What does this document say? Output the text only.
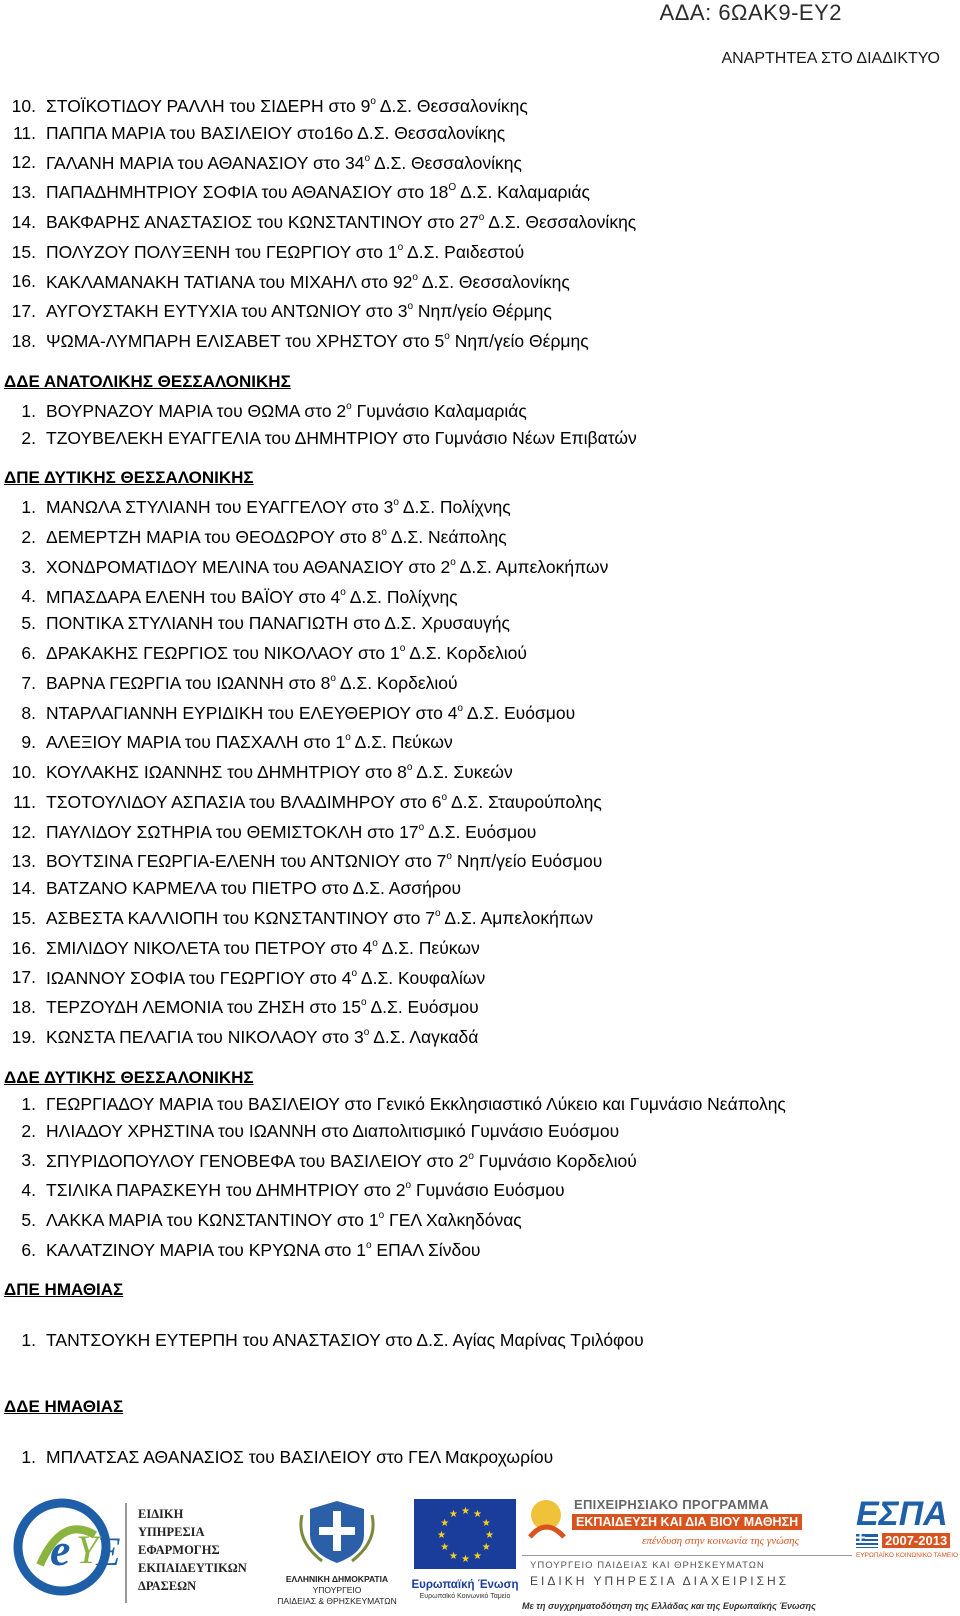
ΑΔΑ: 6ΩΑΚ9-ΕΥ2
ΑΝΑΡΤΗΤΕΑ ΣΤΟ ΔΙΑΔΙΚΤΥΟ
10. ΣΤΟΪΚΟΤΙΔΟΥ ΡΑΛΛΗ του ΣΙΔΕΡΗ στο $9^o$ Δ.Σ. Θεσσαλονίκης
11. ΠΑΠΠΑ ΜΑΡΙΑ του ΒΑΣΙΛΕΙΟΥ στο16ο Δ.Σ. Θεσσαλονίκης
12. ΓΑΛΑΝΗ ΜΑΡΙΑ του ΑΘΑΝΑΣΙΟΥ στο $34^o$ Δ.Σ. Θεσσαλονίκης
13. ΠΑΠΑΔΗΜΗΤΡΙΟΥ ΣΟΦΙΑ του ΑΘΑΝΑΣΙΟΥ στο $18^O$ Δ.Σ. Καλαμαριάς
14. ΒΑΚΦΑΡΗΣ ΑΝΑΣΤΑΣΙΟΣ του ΚΩΝΣΤΑΝΤΙΝΟΥ στο $27^o$ Δ.Σ. Θεσσαλονίκης
15. ΠΟΛΥΖΟΥ ΠΟΛΥΞΕΝΗ του ΓΕΩΡΓΙΟΥ στο $1^o$ Δ.Σ. Ραιδεστού
16. ΚΑΚΛΑΜΑΝΑΚΗ ΤΑΤΙΑΝΑ του ΜΙΧΑΗΛ στο $92^o$ Δ.Σ. Θεσσαλονίκης
17. ΑΥΓΟΥΣΤΑΚΗ ΕΥΤΥΧΙΑ του ΑΝΤΩΝΙΟΥ στο $3^o$ Νηπ/γείο Θέρμης
18. ΨΩΜΑ-ΛΥΜΠΑΡΗ ΕΛΙΣΑΒΕΤ του ΧΡΗΣΤΟΥ στο $5^o$ Νηπ/γείο Θέρμης
ΔΔΕ ΑΝΑΤΟΛΙΚΗΣ ΘΕΣΣΑΛΟΝΙΚΗΣ
1. ΒΟΥΡΝΑΖΟΥ ΜΑΡΙΑ του ΘΩΜΑ στο $2^o$ Γυμνάσιο Καλαμαριάς
2. ΤΖΟΥΒΕΛΕΚΗ ΕΥΑΓΓΕΛΙΑ του ΔΗΜΗΤΡΙΟΥ στο Γυμνάσιο Νέων Επιβατών
ΔΠΕ ΔΥΤΙΚΗΣ ΘΕΣΣΑΛΟΝΙΚΗΣ
1. ΜΑΝΩΛΑ ΣΤΥΛΙΑΝΗ του ΕΥΑΓΓΕΛΟΥ στο $3^o$ Δ.Σ. Πολίχνης
2. ΔΕΜΕΡΤΖΗ ΜΑΡΙΑ του ΘΕΟΔΩΡΟΥ στο $8^o$ Δ.Σ. Νεάπολης
3. ΧΟΝΔΡΟΜΑΤΙΔΟΥ ΜΕΛΙΝΑ του ΑΘΑΝΑΣΙΟΥ στο $2^o$ Δ.Σ. Αμπελοκήπων
4. ΜΠΑΣΔΑΡΑ ΕΛΕΝΗ του ΒΑΪΟΥ στο $4^o$ Δ.Σ. Πολίχνης
5. ΠΟΝΤΙΚΑ ΣΤΥΛΙΑΝΗ του ΠΑΝΑΓΙΩΤΗ στο Δ.Σ. Χρυσαυγής
6. ΔΡΑΚΑΚΗΣ ΓΕΩΡΓΙΟΣ του ΝΙΚΟΛΑΟΥ στο $1^o$ Δ.Σ. Κορδελιού
7. ΒΑΡΝΑ ΓΕΩΡΓΙΑ του ΙΩΑΝΝΗ στο $8^o$ Δ.Σ. Κορδελιού
8. ΝΤΑΡΛΑΓΙΑΝΝΗ ΕΥΡΙΔΙΚΗ του ΕΛΕΥΘΕΡΙΟΥ στο $4^o$ Δ.Σ. Ευόσμου
9. ΑΛΕΞΙΟΥ ΜΑΡΙΑ του ΠΑΣΧΑΛΗ στο $1^o$ Δ.Σ. Πεύκων
10. ΚΟΥΛΑΚΗΣ ΙΩΑΝΝΗΣ του ΔΗΜΗΤΡΙΟΥ στο $8^o$ Δ.Σ. Συκεών
11. ΤΣΟΤΟΥΛΙΔΟΥ ΑΣΠΑΣΙΑ του ΒΛΑΔΙΜΗΡΟΥ στο $6^o$ Δ.Σ. Σταυρούπολης
12. ΠΑΥΛΙΔΟΥ ΣΩΤΗΡΙΑ του ΘΕΜΙΣΤΟΚΛΗ στο $17^o$ Δ.Σ. Ευόσμου
13. ΒΟΥΤΣΙΝΑ ΓΕΩΡΓΙΑ-ΕΛΕΝΗ του ΑΝΤΩΝΙΟΥ στο $7^o$ Νηπ/γείο Ευόσμου
14. ΒΑΤΖΑΝΟ ΚΑΡΜΕΛΑ του ΠΙΕΤΡΟ στο Δ.Σ. Ασσήρου
15. ΑΣΒΕΣΤΑ ΚΑΛΛΙΟΠΗ του ΚΩΝΣΤΑΝΤΙΝΟΥ στο $7^o$ Δ.Σ. Αμπελοκήπων
16. ΣΜΙΛΙΔΟΥ ΝΙΚΟΛΕΤΑ του ΠΕΤΡΟΥ στο $4^o$ Δ.Σ. Πεύκων
17. ΙΩΑΝΝΟΥ ΣΟΦΙΑ του ΓΕΩΡΓΙΟΥ στο $4^o$ Δ.Σ. Κουφαλίων
18. ΤΕΡΖΟΥΔΗ ΛΕΜΟΝΙΑ του ΖΗΣΗ στο $15^o$ Δ.Σ. Ευόσμου
19. ΚΩΝΣΤΑ ΠΕΛΑΓΙΑ του ΝΙΚΟΛΑΟΥ στο $3^o$ Δ.Σ. Λαγκαδά
ΔΔΕ ΔΥΤΙΚΗΣ ΘΕΣΣΑΛΟΝΙΚΗΣ
1. ΓΕΩΡΓΙΑΔΟΥ ΜΑΡΙΑ του ΒΑΣΙΛΕΙΟΥ στο Γενικό Εκκλησιαστικό Λύκειο και Γυμνάσιο Νεάπολης
2. ΗΛΙΑΔΟΥ ΧΡΗΣΤΙΝΑ του ΙΩΑΝΝΗ στο Διαπολιτισμικό Γυμνάσιο Ευόσμου
3. ΣΠΥΡΙΔΟΠΟΥΛΟΥ ΓΕΝΟΒΕΦΑ του ΒΑΣΙΛΕΙΟΥ στο $2^o$ Γυμνάσιο Κορδελιού
4. ΤΣΙΛΙΚΑ ΠΑΡΑΣΚΕΥΗ του ΔΗΜΗΤΡΙΟΥ στο $2^o$ Γυμνάσιο Ευόσμου
5. ΛΑΚΚΑ ΜΑΡΙΑ του ΚΩΝΣΤΑΝΤΙΝΟΥ στο $1^o$ ΓΕΛ Χαλκηδόνας
6. ΚΑΛΑΤΖΙΝΟΥ ΜΑΡΙΑ του ΚΡΥΩΝΑ στο $1^o$ ΕΠΑΛ Σίνδου
ΔΠΕ ΗΜΑΘΙΑΣ
1. ΤΑΝΤΣΟΥΚΗ ΕΥΤΕΡΠΗ του ΑΝΑΣΤΑΣΙΟΥ στο Δ.Σ. Αγίας Μαρίνας Τριλόφου
ΔΔΕ ΗΜΑΘΙΑΣ
1. ΜΠΛΑΤΣΑΣ ΑΘΑΝΑΣΙΟΣ του ΒΑΣΙΛΕΙΟΥ στο ΓΕΛ Μακροχωρίου
e Y
E
ΕΙΔΙΚΗ
ΥΠΗΡΕΣΙΑ
ΕΦΑΡΜΟΓΗΣ
ΕΚΠΑΙΔΕΥΤΙΚΩΝ
ΔΡΑΣΕΩΝ	ΕΛΛΗΝΙΚΗ ΔΗΜΟΚΡΑΤΙΑ
ΥΠΟΥΡΓΕΙΟ
ΠΑΙΔΕΙΑΣ & ΘΡΗΣΚΕΥΜΑΤΩΝ
★
★
★
★
★
★
★
★
★ ★ ★
★
Ευρωπαϊκή Ένωση
Ευρωπαϊκό Κοινωνικό Ταμείο
ΕΠΙΧΕΙΡΗΣΙΑΚΟ ΠΡΟΓΡΑΜΜΑ
ΕΚΠΑΙΔΕΥΣΗ ΚΑΙ ΔΙΑ ΒΙΟΥ ΜΑΘΗΣΗ
επένδυση στην κοινωνία της γνώσης
ΥΠΟΥΡΓΕΙΟ ΠΑΙΔΕΙΑΣ ΚΑΙ ΘΡΗΣΚΕΥΜΑΤΩΝ
ΕΙΔΙΚΗ ΥΠΗΡΕΣΙΑ ΔΙΑΧΕΙΡΙΣΗΣ
Με τη συγχρηματοδότηση της Ελλάδας και της Ευρωπαϊκής Ένωσης
ΕΣΠΑ
2007-2013
ΕΥΡΩΠΑΪΚΟ ΚΟΙΝΩΝΙΚΟ ΤΑΜΕΙΟ
